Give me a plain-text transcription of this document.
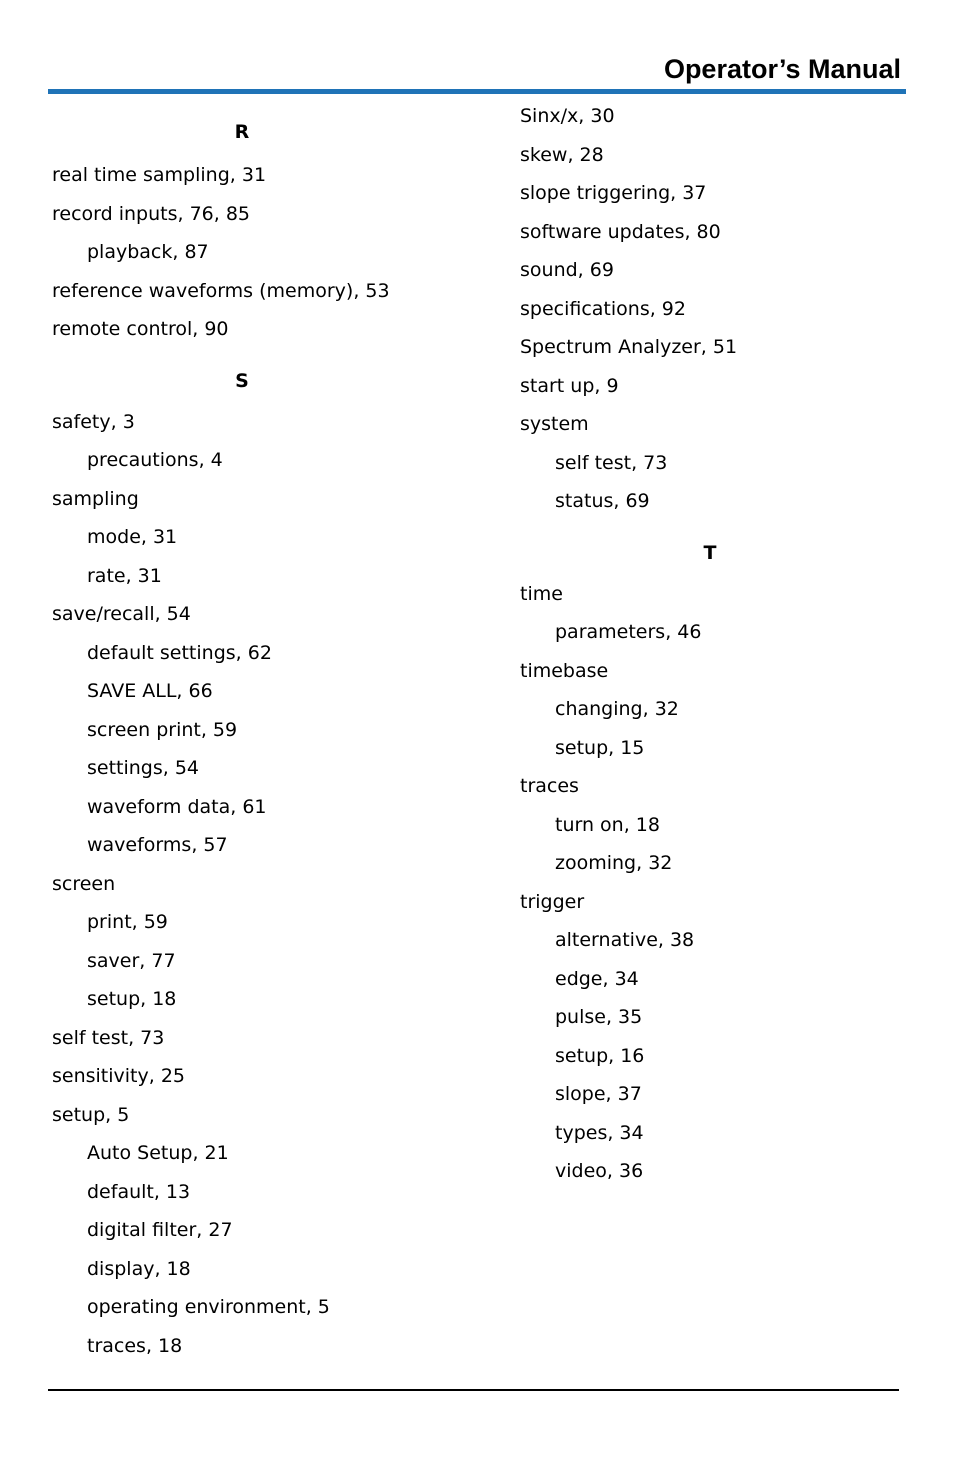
Operator’s Manual
R
real time sampling, 31
record inputs, 76, 85
playback, 87
reference waveforms (memory), 53
remote control, 90
S
safety, 3
precautions, 4
sampling
mode, 31
rate, 31
save/recall, 54
default settings, 62
SAVE ALL, 66
screen print, 59
settings, 54
waveform data, 61
waveforms, 57
screen
print, 59
saver, 77
setup, 18
self test, 73
sensitivity, 25
setup, 5
Auto Setup, 21
default, 13
digital filter, 27
display, 18
operating environment, 5
traces, 18
Sinx/x, 30
skew, 28
slope triggering, 37
software updates, 80
sound, 69
specifications, 92
Spectrum Analyzer, 51
start up, 9
system
self test, 73
status, 69
T
time
parameters, 46
timebase
changing, 32
setup, 15
traces
turn on, 18
zooming, 32
trigger
alternative, 38
edge, 34
pulse, 35
setup, 16
slope, 37
types, 34
video, 36
